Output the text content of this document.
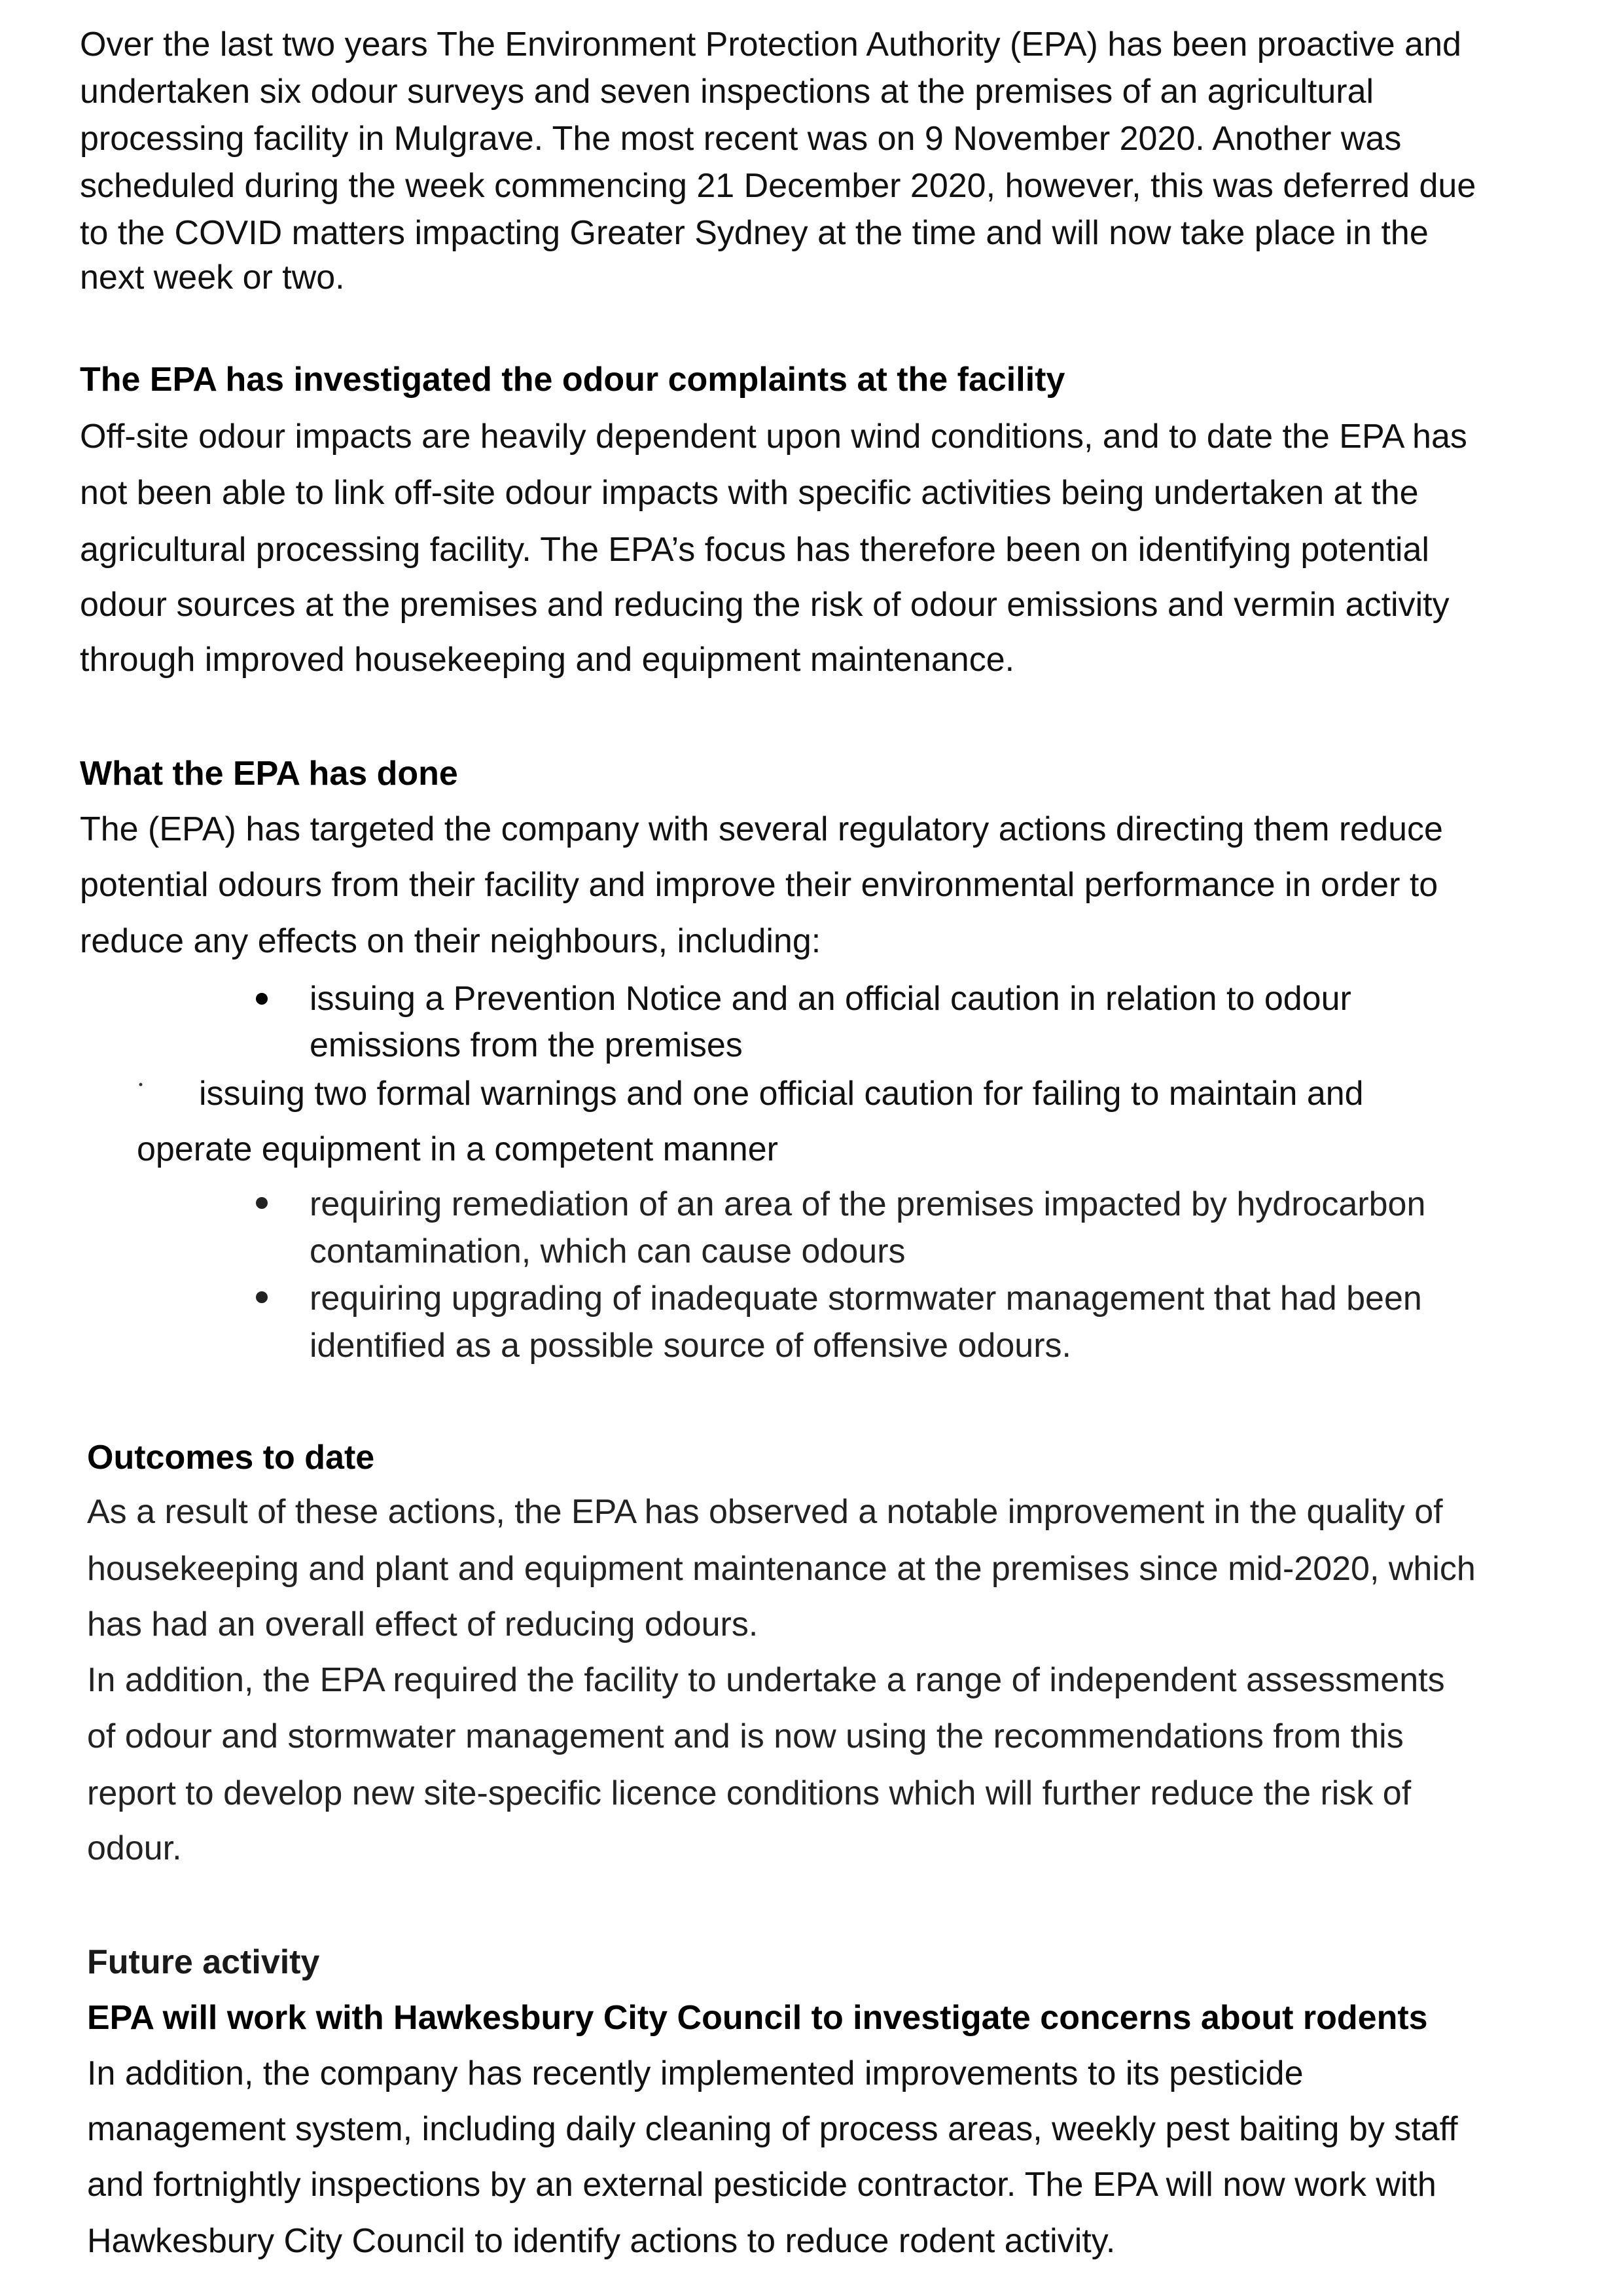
Over the last two years The Environment Protection Authority (EPA) has been proactive and

undertaken six odour surveys and seven inspections at the premises of an agricultural

processing facility in Mulgrave. The most recent was on 9 November 2020. Another was

scheduled during the week commencing 21 December 2020, however, this was deferred due

to the COVID matters impacting Greater Sydney at the time and will now take place in the

next week or two.

The EPA has investigated the odour complaints at the facility

Off-site odour impacts are heavily dependent upon wind conditions, and to date the EPA has

not been able to link off-site odour impacts with specific activities being undertaken at the

agricultural processing facility. The EPA’s focus has therefore been on identifying potential

odour sources at the premises and reducing the risk of odour emissions and vermin activity

through improved housekeeping and equipment maintenance.

What the EPA has done

The (EPA) has targeted the company with several regulatory actions directing them reduce

potential odours from their facility and improve their environmental performance in order to

reduce any effects on their neighbours, including:

issuing a Prevention Notice and an official caution in relation to odour

emissions from the premises

issuing two formal warnings and one official caution for failing to maintain and

operate equipment in a competent manner

requiring remediation of an area of the premises impacted by hydrocarbon

contamination, which can cause odours

requiring upgrading of inadequate stormwater management that had been

identified as a possible source of offensive odours.

Outcomes to date

As a result of these actions, the EPA has observed a notable improvement in the quality of

housekeeping and plant and equipment maintenance at the premises since mid-2020, which

has had an overall effect of reducing odours.

In addition, the EPA required the facility to undertake a range of independent assessments

of odour and stormwater management and is now using the recommendations from this

report to develop new site-specific licence conditions which will further reduce the risk of

odour.

Future activity
EPA will work with Hawkesbury City Council to investigate concerns about rodents

In addition, the company has recently implemented improvements to its pesticide

management system, including daily cleaning of process areas, weekly pest baiting by staff

and fortnightly inspections by an external pesticide contractor. The EPA will now work with

Hawkesbury City Council to identify actions to reduce rodent activity.
